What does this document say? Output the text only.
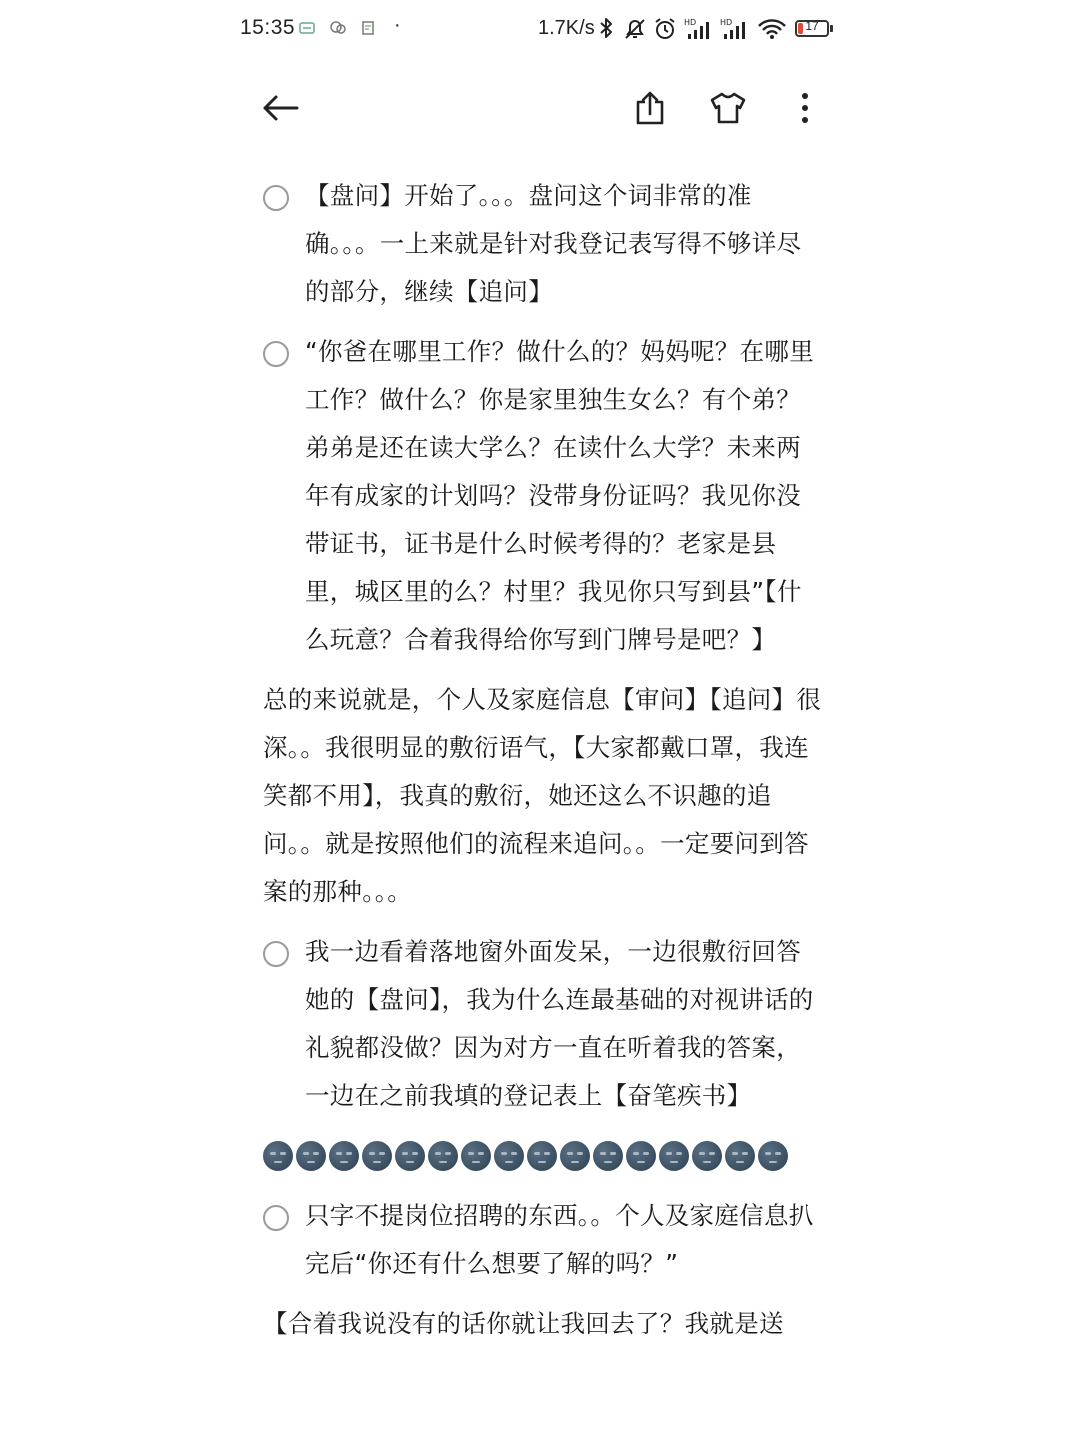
15:35	·	1.7K/s	HD	HD	17
【盘问】开始了。。。盘问这个词非常的准确。。。一上来就是针对我登记表写得不够详尽的部分，继续【追问】
“你爸在哪里工作？做什么的？妈妈呢？在哪里工作？做什么？你是家里独生女么？有个弟？弟弟是还在读大学么？在读什么大学？未来两年有成家的计划吗？没带身份证吗？我见你没带证书，证书是什么时候考得的？老家是县里，城区里的么？村里？我见你只写到县”【什么玩意？合着我得给你写到门牌号是吧？】
总的来说就是，个人及家庭信息【审问】【追问】很深。。我很明显的敷衍语气，【大家都戴口罩，我连笑都不用】，我真的敷衍，她还这么不识趣的追问。。就是按照他们的流程来追问。。一定要问到答案的那种。。。
我一边看着落地窗外面发呆，一边很敷衍回答她的【盘问】，我为什么连最基础的对视讲话的礼貌都没做？因为对方一直在听着我的答案，一边在之前我填的登记表上【奋笔疾书】
只字不提岗位招聘的东西。。个人及家庭信息扒完后“你还有什么想要了解的吗？”
【合着我说没有的话你就让我回去了？我就是送
